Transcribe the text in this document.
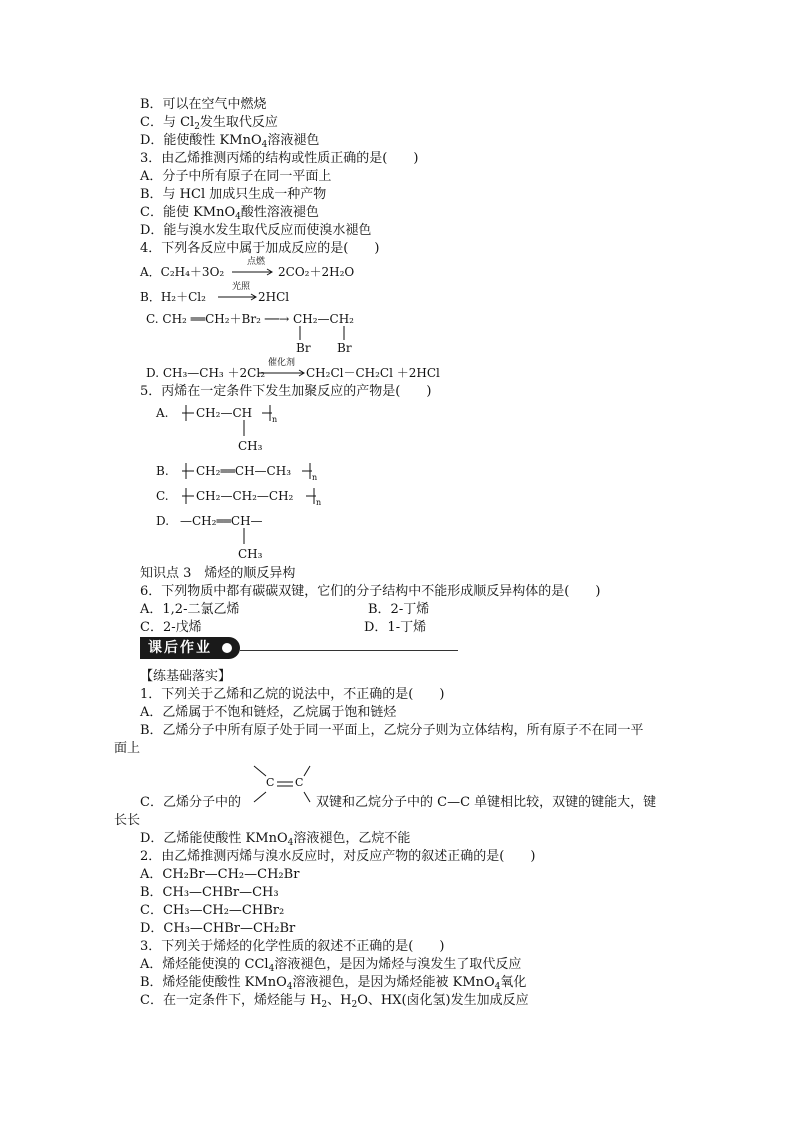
B．可以在空气中燃烧
C．与 $Cl_2$发生取代反应
D．能使酸性 KMnO$_4$溶液褪色
3．由乙烯推测丙烯的结构或性质正确的是(　　)
A．分子中所有原子在同一平面上
B．与 HCl 加成只生成一种产物
C．能使 KMnO$_4$酸性溶液褪色
D．能与溴水发生取代反应而使溴水褪色
4．下列各反应中属于加成反应的是(　　)
A．C₂H₄＋3O₂
点燃
2CO₂＋2H₂O
B．H₂＋Cl₂
光照
2HCl
C. CH₂ ══CH₂＋Br₂ ──→ CH₂—CH₂
Br Br
D. CH₃—CH₃ ＋2Cl₂
催化剂
CH₂Cl－CH₂Cl ＋2HCl
5．丙烯在一定条件下发生加聚反应的产物是(　　)
A. CH₂—CH n
CH₃
B. CH₂══CH—CH₃	n
C. CH₂—CH₂—CH₂	n
D. —CH₂══CH—
CH₃
知识点 3　烯烃的顺反异构
6．下列物质中都有碳碳双键，它们的分子结构中不能形成顺反异构体的是(　　)
A．1,2-二氯乙烯	B．2-丁烯
C．2-戊烯	D．1-丁烯
课后作业
【练基础落实】
1．下列关于乙烯和乙烷的说法中，不正确的是(　　)
A．乙烯属于不饱和链烃，乙烷属于饱和链烃
B．乙烯分子中所有原子处于同一平面上，乙烷分子则为立体结构，所有原子不在同一平
面上
C C
C．乙烯分子中的	双键和乙烷分子中的 C—C 单键相比较，双键的键能大，键
长长
D．乙烯能使酸性 KMnO$_4$溶液褪色，乙烷不能
2．由乙烯推测丙烯与溴水反应时，对反应产物的叙述正确的是(　　)
A．CH₂Br—CH₂—CH₂Br
B．CH₃—CHBr—CH₃
C．CH₃—CH₂—CHBr₂
D．CH₃—CHBr—CH₂Br
3．下列关于烯烃的化学性质的叙述不正确的是(　　)
A．烯烃能使溴的 CCl$_4$溶液褪色，是因为烯烃与溴发生了取代反应
B．烯烃能使酸性 KMnO$_4$溶液褪色，是因为烯烃能被 KMnO$_4$氧化
C．在一定条件下，烯烃能与 $H_2$、$H_2O$、HX(卤化氢)发生加成反应
